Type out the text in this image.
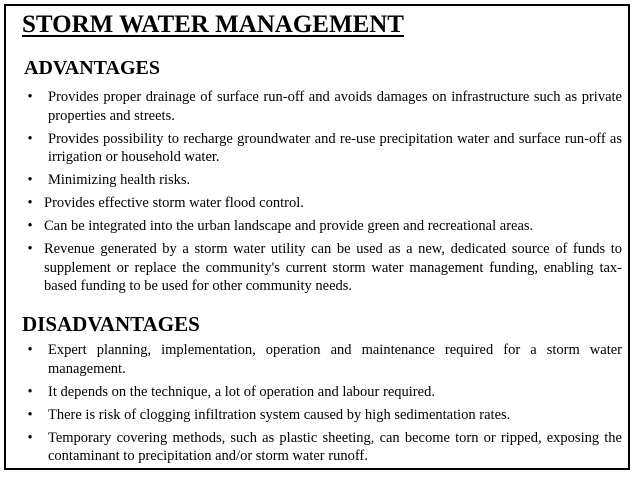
STORM WATER MANAGEMENT
ADVANTAGES
• Provides proper drainage of surface run-off and avoids damages on infrastructure such as private properties and streets.
• Provides possibility to recharge groundwater and re-use precipitation water and surface run-off as irrigation or household water.
• Minimizing health risks.
• Provides effective storm water flood control.
• Can be integrated into the urban landscape and provide green and recreational areas.
• Revenue generated by a storm water utility can be used as a new, dedicated source of funds to supplement or replace the community's current storm water management funding, enabling tax-based funding to be used for other community needs.
DISADVANTAGES
• Expert planning, implementation, operation and maintenance required for a storm water management.
• It depends on the technique, a lot of operation and labour required.
• There is risk of clogging infiltration system caused by high sedimentation rates.
• Temporary covering methods, such as plastic sheeting, can become torn or ripped, exposing the contaminant to precipitation and/or storm water runoff.
